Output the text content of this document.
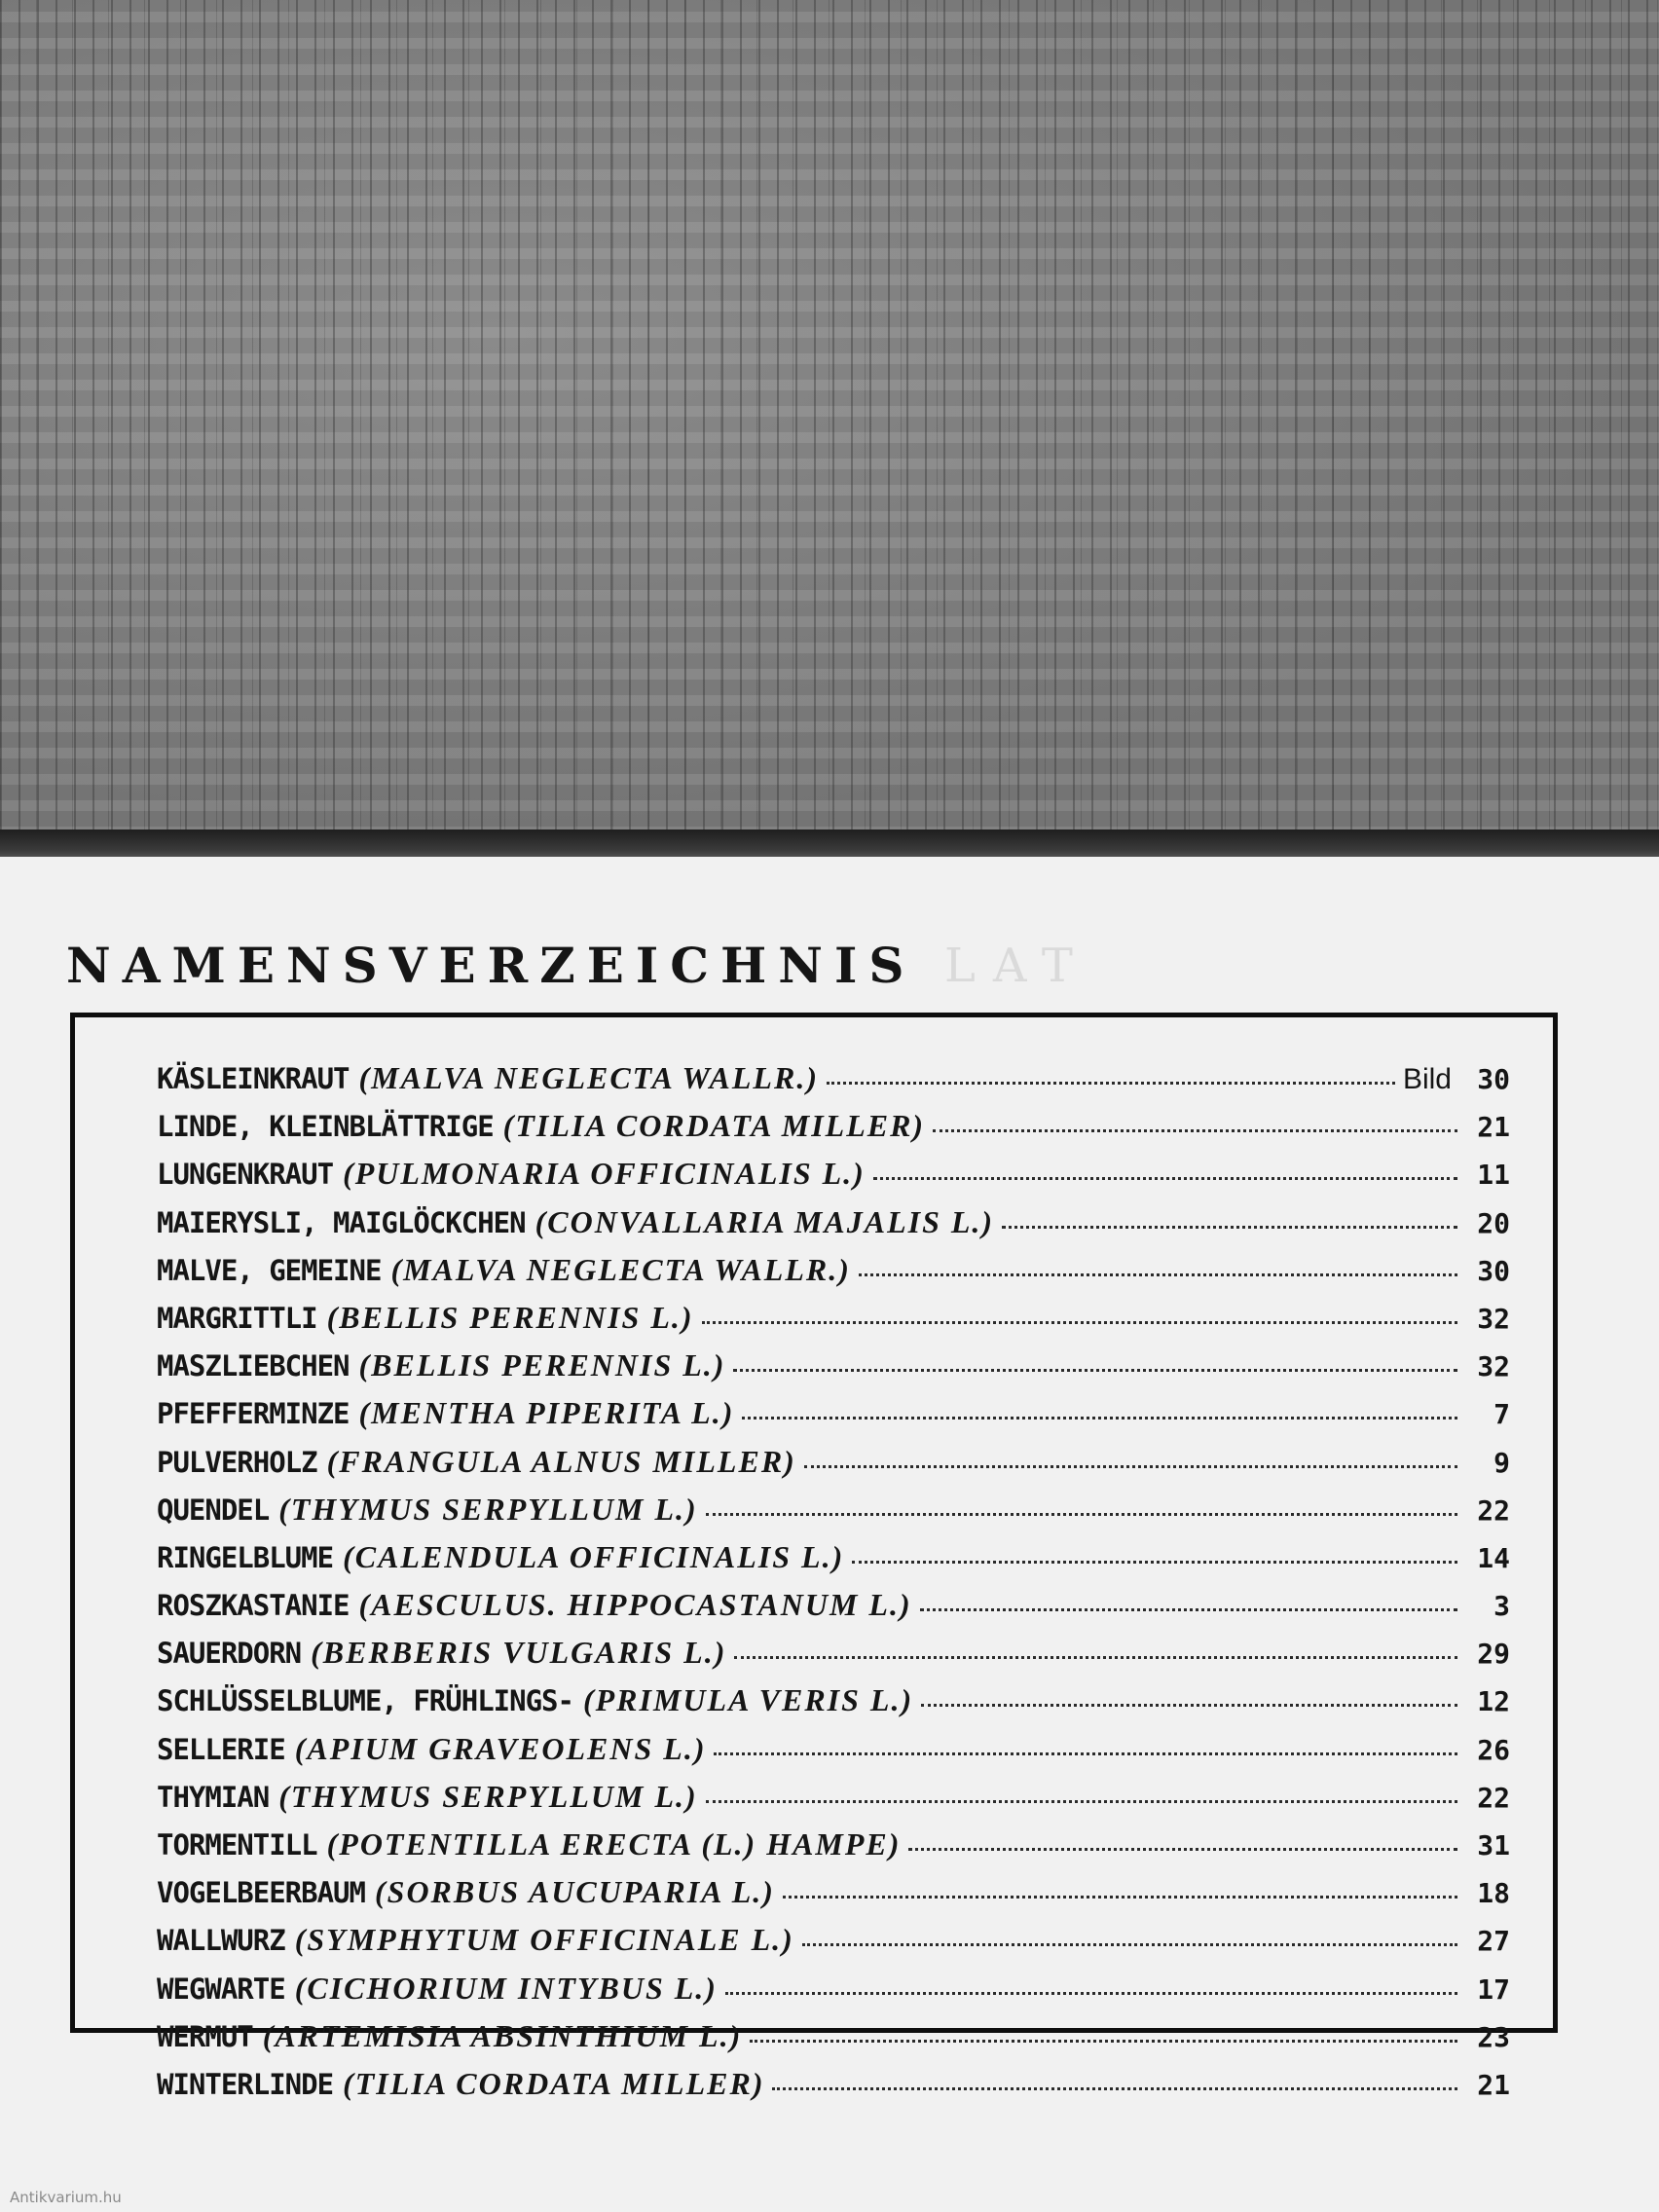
LAT

NAMENSVERZEICHNIS
KÄSLEINKRAUT (MALVA NEGLECTA WALLR.)	Bild 30
LINDE, KLEINBLÄTTRIGE (TILIA CORDATA MILLER)	21
LUNGENKRAUT (PULMONARIA OFFICINALIS L.)	11
MAIERYSLI, MAIGLÖCKCHEN (CONVALLARIA MAJALIS L.)	20
MALVE, GEMEINE (MALVA NEGLECTA WALLR.)	30
MARGRITTLI (BELLIS PERENNIS L.)	32
MASZLIEBCHEN (BELLIS PERENNIS L.)	32
PFEFFERMINZE (MENTHA PIPERITA L.)	7
PULVERHOLZ (FRANGULA ALNUS MILLER)	9
QUENDEL (THYMUS SERPYLLUM L.)	22
RINGELBLUME (CALENDULA OFFICINALIS L.)	14
ROSZKASTANIE (AESCULUS. HIPPOCASTANUM L.)	3
SAUERDORN (BERBERIS VULGARIS L.)	29
SCHLÜSSELBLUME, FRÜHLINGS- (PRIMULA VERIS L.)	12
SELLERIE (APIUM GRAVEOLENS L.)	26
THYMIAN (THYMUS SERPYLLUM L.)	22
TORMENTILL (POTENTILLA ERECTA (L.) HAMPE)	31
VOGELBEERBAUM (SORBUS AUCUPARIA L.)	18
WALLWURZ (SYMPHYTUM OFFICINALE L.)	27
WEGWARTE (CICHORIUM INTYBUS L.)	17
WERMUT (ARTEMISIA ABSINTHIUM L.)	23
WINTERLINDE (TILIA CORDATA MILLER)	21
Antikvarium.hu
